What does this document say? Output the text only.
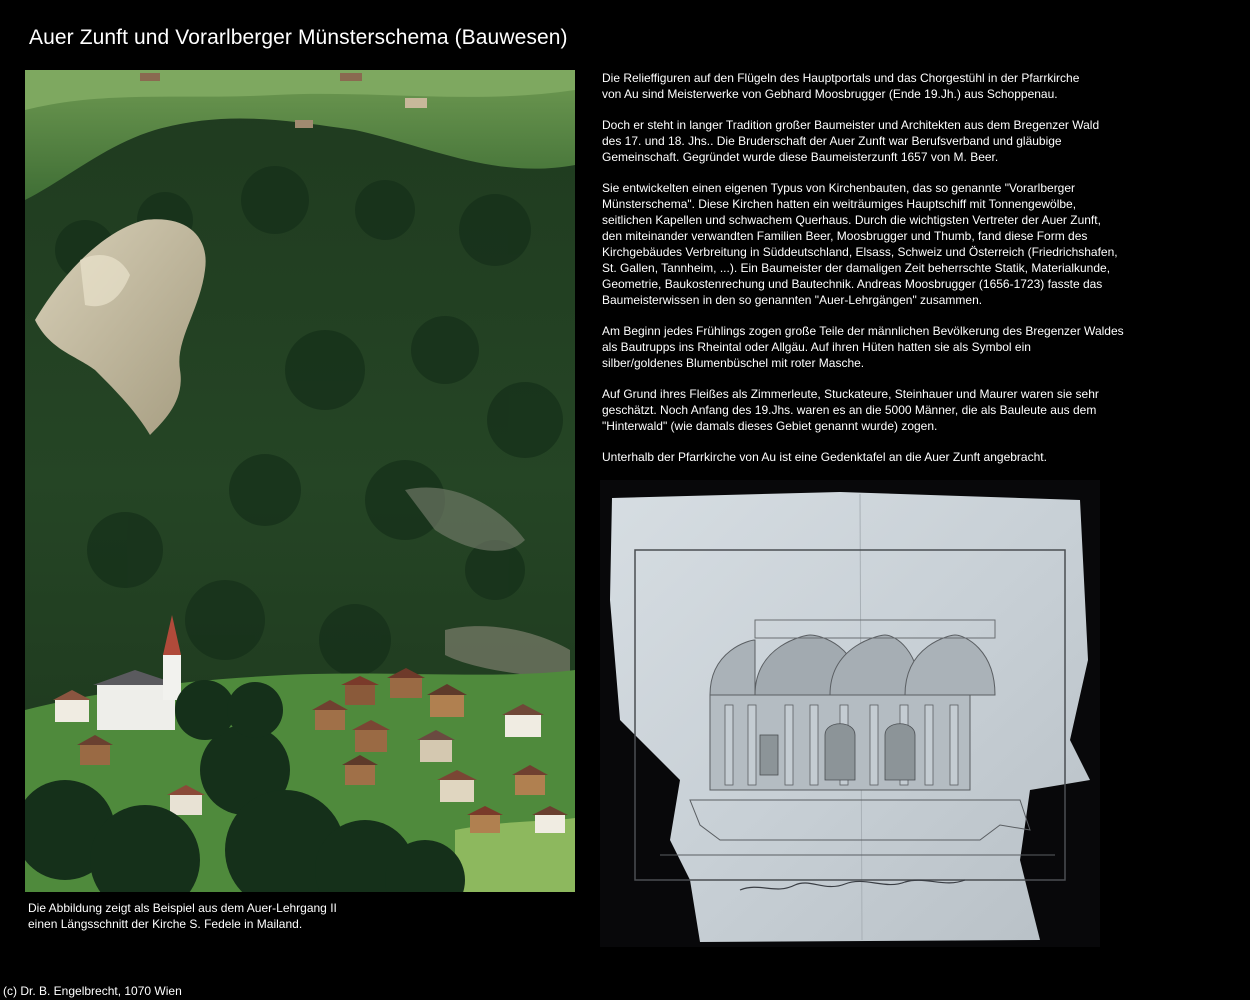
Auer Zunft und Vorarlberger Münsterschema (Bauwesen)
Die Abbildung zeigt als Beispiel aus dem Auer-Lehrgang II
einen Längsschnitt der Kirche S. Fedele in Mailand.

Die Relieffiguren auf den Flügeln des Hauptportals und das Chorgestühl in der Pfarrkirche
von Au sind Meisterwerke von Gebhard Moosbrugger (Ende 19.Jh.) aus Schoppenau.

Doch er steht in langer Tradition großer Baumeister und Architekten aus dem Bregenzer Wald
des 17. und 18. Jhs.. Die Bruderschaft der Auer Zunft war Berufsverband und gläubige
Gemeinschaft. Gegründet wurde diese Baumeisterzunft 1657 von M. Beer.

Sie entwickelten einen eigenen Typus von Kirchenbauten, das so genannte "Vorarlberger
Münsterschema". Diese Kirchen hatten ein weiträumiges Hauptschiff mit Tonnengewölbe,
seitlichen Kapellen und schwachem Querhaus. Durch die wichtigsten Vertreter der Auer Zunft,
den miteinander verwandten Familien Beer, Moosbrugger und Thumb, fand diese Form des
Kirchgebäudes Verbreitung in Süddeutschland, Elsass, Schweiz und Österreich (Friedrichshafen,
St. Gallen, Tannheim, ...). Ein Baumeister der damaligen Zeit beherrschte Statik, Materialkunde,
Geometrie, Baukostenrechung und Bautechnik. Andreas Moosbrugger (1656-1723) fasste das
Baumeisterwissen in den so genannten "Auer-Lehrgängen" zusammen.

Am Beginn jedes Frühlings zogen große Teile der männlichen Bevölkerung des Bregenzer Waldes
als Bautrupps ins Rheintal oder Allgäu. Auf ihren Hüten hatten sie als Symbol ein
silber/goldenes Blumenbüschel mit roter Masche.

Auf Grund ihres Fleißes als Zimmerleute, Stuckateure, Steinhauer und Maurer waren sie sehr
geschätzt. Noch Anfang des 19.Jhs. waren es an die 5000 Männer, die als Bauleute aus dem
"Hinterwald" (wie damals dieses Gebiet genannt wurde) zogen.

Unterhalb der Pfarrkirche von Au ist eine Gedenktafel an die Auer Zunft angebracht.

(c) Dr. B. Engelbrecht, 1070 Wien
